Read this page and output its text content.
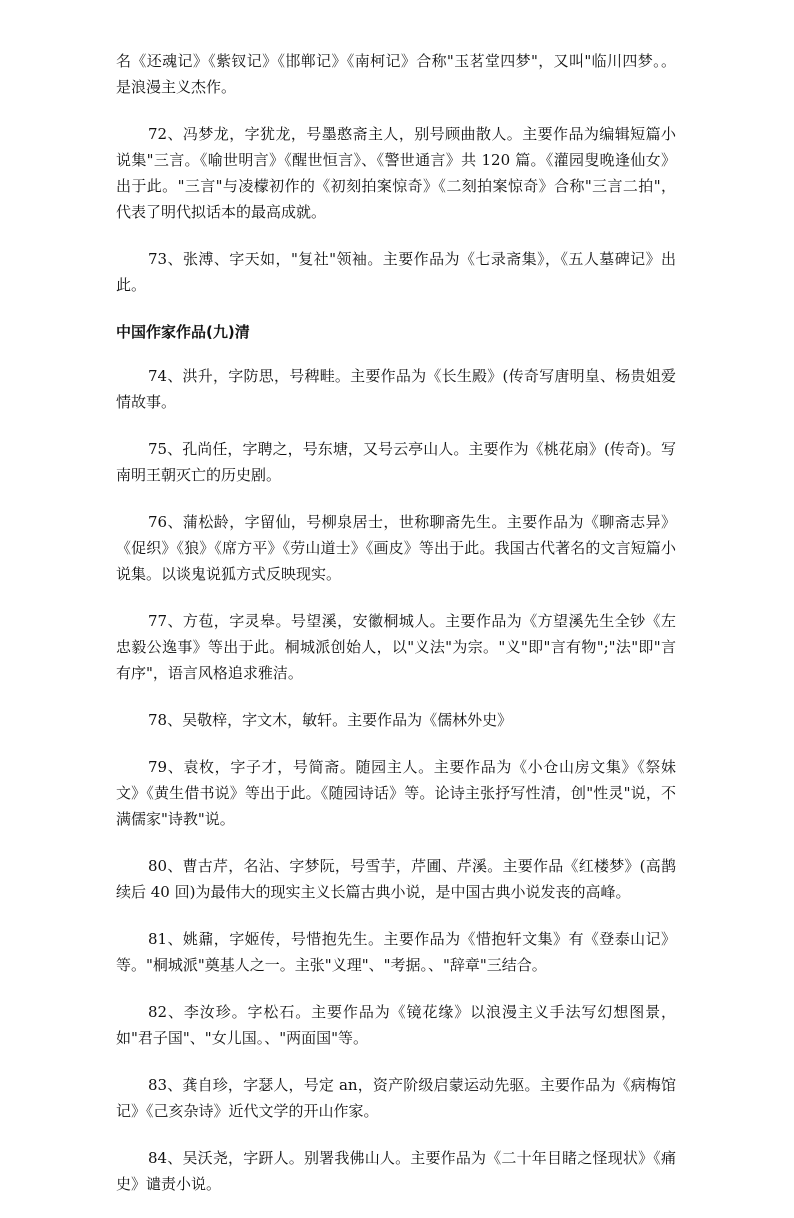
名《还魂记》《紫钗记》《邯郸记》《南柯记》合称"玉茗堂四梦"，又叫"临川四梦。。是浪漫主义杰作。

72、冯梦龙，字犹龙，号墨憨斋主人，别号顾曲散人。主要作品为编辑短篇小说集"三言。《喻世明言》《醒世恒言》、《警世通言》共 120 篇。《灌园叟晚逢仙女》出于此。"三言"与凌檬初作的《初刻拍案惊奇》《二刻拍案惊奇》合称"三言二拍"，代表了明代拟话本的最高成就。

73、张溥、字天如，"复社"领袖。主要作品为《七录斋集》，《五人墓碑记》出此。

中国作家作品(九)清

74、洪升，字防思，号稗畦。主要作品为《长生殿》(传奇写唐明皇、杨贵姐爱情故事。

75、孔尚任，字聘之，号东塘，又号云亭山人。主要作为《桃花扇》(传奇)。写南明王朝灭亡的历史剧。

76、蒲松龄，字留仙，号柳泉居士，世称聊斋先生。主要作品为《聊斋志异》《促织》《狼》《席方平》《劳山道士》《画皮》等出于此。我国古代著名的文言短篇小说集。以谈鬼说狐方式反映现实。

77、方苞，字灵皋。号望溪，安徽桐城人。主要作品为《方望溪先生全钞《左忠毅公逸事》等出于此。桐城派创始人，以"义法"为宗。"义"即"言有物";"法"即"言有序"，语言风格追求雅洁。

78、吴敬梓，字文木，敏轩。主要作品为《儒林外史》

79、袁枚，字子才，号简斋。随园主人。主要作品为《小仓山房文集》《祭妹文》《黄生借书说》等出于此。《随园诗话》等。论诗主张抒写性清，创"性灵"说，不满儒家"诗教"说。

80、曹古芹，名沾、字梦阮，号雪芋，芹圃、芹溪。主要作品《红楼梦》(高鹊续后 40 回)为最伟大的现实主义长篇古典小说，是中国古典小说发丧的高峰。

81、姚鼐，字姬传，号惜抱先生。主要作品为《惜抱轩文集》有《登泰山记》等。"桐城派"奠基人之一。主张"义理"、"考据。、"辞章"三结合。

82、李汝珍。字松石。主要作品为《镜花缘》以浪漫主义手法写幻想图景，如"君子国"、"女儿国。、"两面国"等。

83、龚自珍，字瑟人，号定 an，资产阶级启蒙运动先驱。主要作品为《病梅馆记》《己亥杂诗》近代文学的开山作家。

84、吴沃尧，字趼人。别署我佛山人。主要作品为《二十年目睹之怪现状》《痛史》谴责小说。
